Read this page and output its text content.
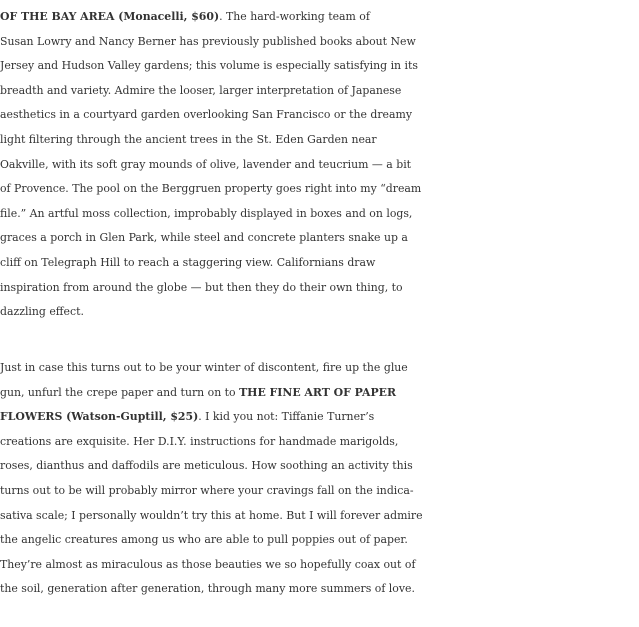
OF THE BAY AREA (Monacelli, $60). The hard-working team of
Susan Lowry and Nancy Berner has previously published books about New
Jersey and Hudson Valley gardens; this volume is especially satisfying in its
breadth and variety. Admire the looser, larger interpretation of Japanese
aesthetics in a courtyard garden overlooking San Francisco or the dreamy
light filtering through the ancient trees in the St. Eden Garden near
Oakville, with its soft gray mounds of olive, lavender and teucrium — a bit
of Provence. The pool on the Berggruen property goes right into my “dream
file.” An artful moss collection, improbably displayed in boxes and on logs,
graces a porch in Glen Park, while steel and concrete planters snake up a
cliff on Telegraph Hill to reach a staggering view. Californians draw
inspiration from around the globe — but then they do their own thing, to
dazzling effect.

Just in case this turns out to be your winter of discontent, fire up the glue
gun, unfurl the crepe paper and turn on to THE FINE ART OF PAPER
FLOWERS (Watson-Guptill, $25). I kid you not: Tiffanie Turner’s
creations are exquisite. Her D.I.Y. instructions for handmade marigolds,
roses, dianthus and daffodils are meticulous. How soothing an activity this
turns out to be will probably mirror where your cravings fall on the indica-
sativa scale; I personally wouldn’t try this at home. But I will forever admire
the angelic creatures among us who are able to pull poppies out of paper.
They’re almost as miraculous as those beauties we so hopefully coax out of
the soil, generation after generation, through many more summers of love.
